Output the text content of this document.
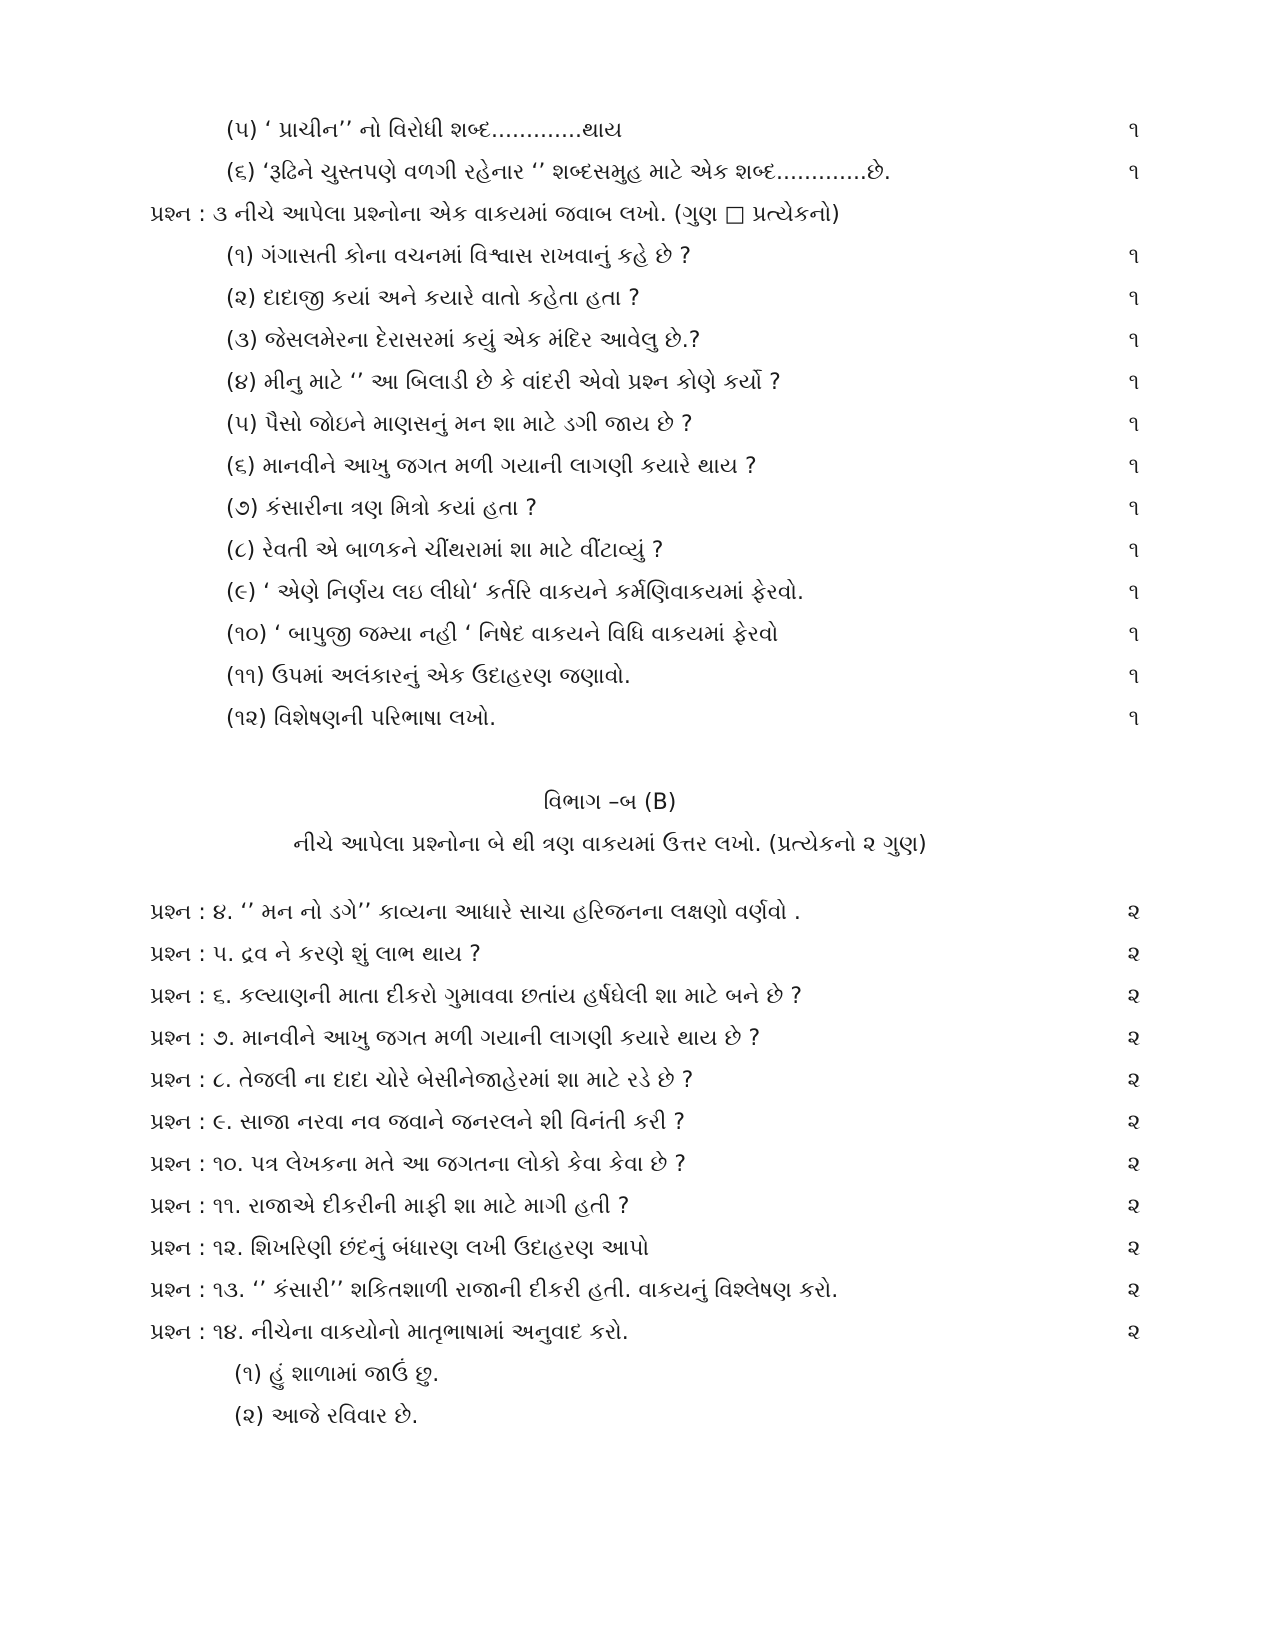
(૫) ‘ પ્રાચીન’’ નો વિરોધી શબ્દ.............થાય	૧
(૬) ‘રૂઢિને ચુસ્તપણે વળગી રહેનાર ‘’ શબ્દસમુહ માટે એક શબ્દ.............છે.	૧
પ્રશ્ન : ૩ નીચે આપેલા પ્રશ્નોના એક વાકયમાં જવાબ લખો. (ગુણ □ પ્રત્યેકનો)
(૧) ગંગાસતી કોના વચનમાં વિશ્વાસ રાખવાનું કહે છે ?	૧
(૨) દાદાજી કયાં અને કયારે વાતો કહેતા હતા ?	૧
(૩) જેસલમેરના દેરાસરમાં કયું એક મંદિર આવેલુ છે.?	૧
(૪) મીનુ માટે ‘’ આ બિલાડી છે કે વાંદરી એવો પ્રશ્ન કોણે કર્યો ?	૧
(૫) પૈસો જોઇને માણસનું મન શા માટે ડગી જાય છે ?	૧
(૬) માનવીને આખુ જગત મળી ગયાની લાગણી કયારે થાય ?	૧
(૭) કંસારીના ત્રણ મિત્રો કયાં હતા ?	૧
(૮) રેવતી એ બાળકને ચીંથરામાં શા માટે વીંટાવ્યું ?	૧
(૯) ‘ એણે નિર્ણય લઇ લીધો‘ કર્તરિ વાકયને કર્મણિવાકયમાં ફેરવો.	૧
(૧૦) ‘ બાપુજી જમ્યા નહી ‘ નિષેદ વાકયને વિધિ વાકયમાં ફેરવો	૧
(૧૧) ઉપમાં અલંકારનું એક ઉદાહરણ જણાવો.	૧
(૧૨) વિશેષણની પરિભાષા લખો.	૧
વિભાગ –બ (B)
નીચે આપેલા પ્રશ્નોના બે થી ત્રણ વાકયમાં ઉત્તર લખો. (પ્રત્યેકનો ૨ ગુણ)
પ્રશ્ન : ૪. ‘’ મન નો ડગે’’ કાવ્યના આધારે સાચા હરિજનના લક્ષણો વર્ણવો .	૨
પ્રશ્ન : ૫. દ્રવ ને કરણે શું લાભ થાય ?	૨
પ્રશ્ન : ૬. કલ્યાણની માતા દીકરો ગુમાવવા છતાંય હર્ષઘેલી શા માટે બને છે ?	૨
પ્રશ્ન : ૭. માનવીને આખુ જગત મળી ગયાની લાગણી કયારે થાય છે ?	૨
પ્રશ્ન : ૮. તેજલી ના દાદા ચોરે બેસીનેજાહેરમાં શા માટે રડે છે ?	૨
પ્રશ્ન : ૯. સાજા નરવા નવ જવાને જનરલને શી વિનંતી કરી ?	૨
પ્રશ્ન : ૧૦. પત્ર લેખકના મતે આ જગતના લોકો કેવા કેવા છે ?	૨
પ્રશ્ન : ૧૧. રાજાએ દીકરીની માફી શા માટે માગી હતી ?	૨
પ્રશ્ન : ૧૨. શિખરિણી છંદનું બંધારણ લખી ઉદાહરણ આપો	૨
પ્રશ્ન : ૧૩. ‘’ કંસારી’’ શકિતશાળી રાજાની દીકરી હતી. વાકયનું વિશ્લેષણ કરો.	૨
પ્રશ્ન : ૧૪. નીચેના વાકયોનો માતૃભાષામાં અનુવાદ કરો.	૨
(૧) હું શાળામાં જાઉં છુ.
(૨) આજે રવિવાર છે.
